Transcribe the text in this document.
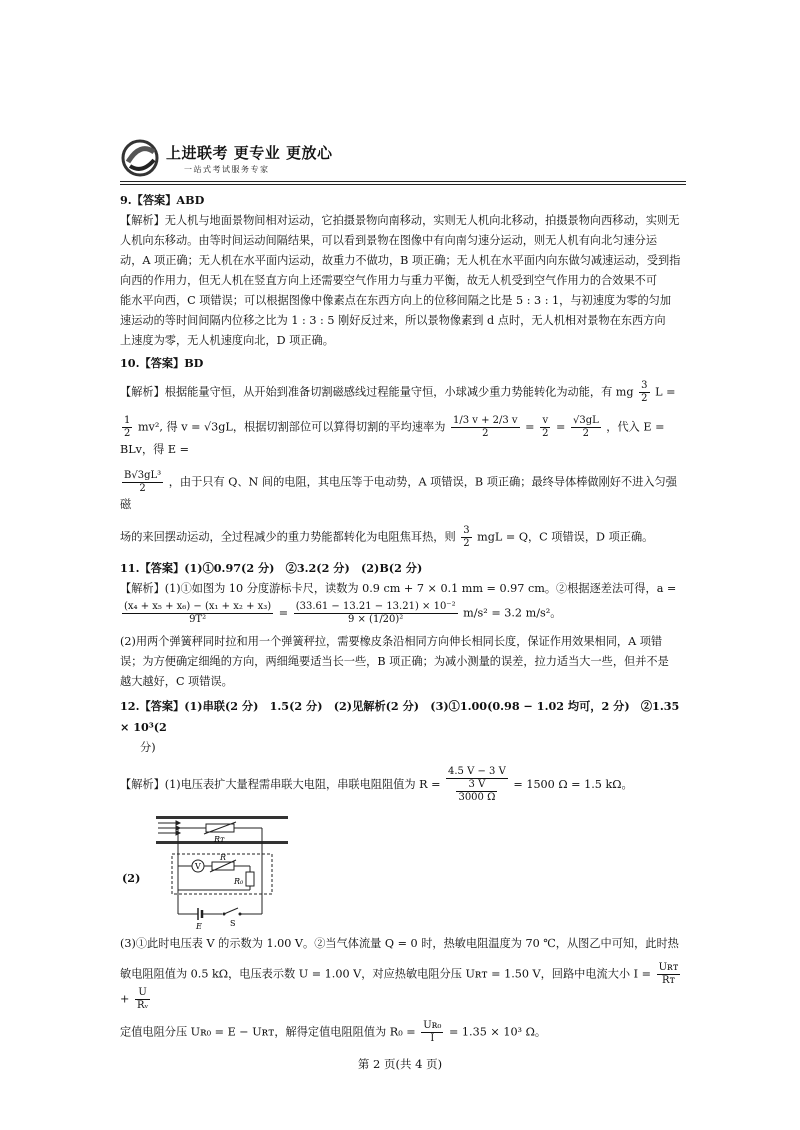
上进联考 更专业 更放心
一站式考试服务专家

9.【答案】ABD

【解析】无人机与地面景物间相对运动，它拍摄景物向南移动，实则无人机向北移动，拍摄景物向西移动，实则无

人机向东移动。由等时间运动间隔结果，可以看到景物在图像中有向南匀速分运动，则无人机有向北匀速分运

动，A 项正确；无人机在水平面内运动，故重力不做功，B 项正确；无人机在水平面内向东做匀减速运动，受到指

向西的作用力，但无人机在竖直方向上还需要空气作用力与重力平衡，故无人机受到空气作用力的合效果不可

能水平向西，C 项错误；可以根据图像中像素点在东西方向上的位移间隔之比是 5 : 3 : 1，与初速度为零的匀加

速运动的等时间间隔内位移之比为 1 : 3 : 5 刚好反过来，所以景物像素到 d 点时，无人机相对景物在东西方向

上速度为零，无人机速度向北，D 项正确。

10.【答案】BD

【解析】根据能量守恒，从开始到准备切割磁感线过程能量守恒，小球减少重力势能转化为动能，有 mg $\frac{3}{2}$ L =

$\frac{1}{2} mv^2$, 得 v = √3gL，根据切割部位可以算得切割的平均速率为 $\frac{1/3 v + 2/3 v}{2} = \frac{v}{2} = \frac{√3gL}{2}$ ，代入 E = BLv，得 E =

$\frac{\text{B√3gL³}}{2}$ ，由于只有 Q、N 间的电阻，其电压等于电动势，A 项错误，B 项正确；最终导体棒做刚好不进入匀强磁

场的来回摆动运动，全过程减少的重力势能都转化为电阻焦耳热，则 $\frac{3}{2}$ mgL = Q，C 项错误，D 项正确。

11.【答案】(1)①0.97(2 分)　②3.2(2 分)　(2)B(2 分)

【解析】(1)①如图为 10 分度游标卡尺，读数为 0.9 cm + 7 × 0.1 mm = 0.97 cm。②根据逐差法可得，a =

$\frac{\text{(x₄ + x₅ + x₆) − (x₁ + x₂ + x₃)}}{\text{9T²}} = \frac{\text{(33.61 − 13.21 − 13.21) × 10⁻²}}{\text{9 × (1/20)²}} m/s^2 = 3.2$ m/s²。

(2)用两个弹簧秤同时拉和用一个弹簧秤拉，需要橡皮条沿相同方向伸长相同长度，保证作用效果相同，A 项错

误；为方便确定细绳的方向，两细绳要适当长一些，B 项正确；为减小测量的误差，拉力适当大一些，但并不是

越大越好，C 项错误。

12.【答案】(1)串联(2 分)　1.5(2 分)　(2)见解析(2 分)　(3)①1.00(0.98 − 1.02 均可，2 分)　②1.35 × 10³(2

分)

【解析】(1)电压表扩大量程需串联大电阻，串联电阻阻值为 $R = \frac{4.5 V - 3 V}{\frac{3 V}{3000 \Omega}} = 1500$ Ω = 1.5 kΩ。

(2)
Rᴛ
V
R
R₀
E	S

(3)①此时电压表 V 的示数为 1.00 V。②当气体流量 Q = 0 时，热敏电阻温度为 70 ℃，从图乙中可知，此时热

敏电阻阻值为 0.5 kΩ，电压表示数 U = 1.00 V，对应热敏电阻分压 Uʀᴛ = 1.50 V，回路中电流大小 $I = \frac{\text{Uʀᴛ}}{\text{Rᴛ}}$
+ $\frac{U}{\text{Rᵥ}}$

定值电阻分压 Uʀ₀ = E − Uʀᴛ，解得定值电阻阻值为 $R_0 = \frac{\text{Uʀ₀}}{I} = 1.35 \times 10^3$ Ω。

第 2 页(共 4 页)
